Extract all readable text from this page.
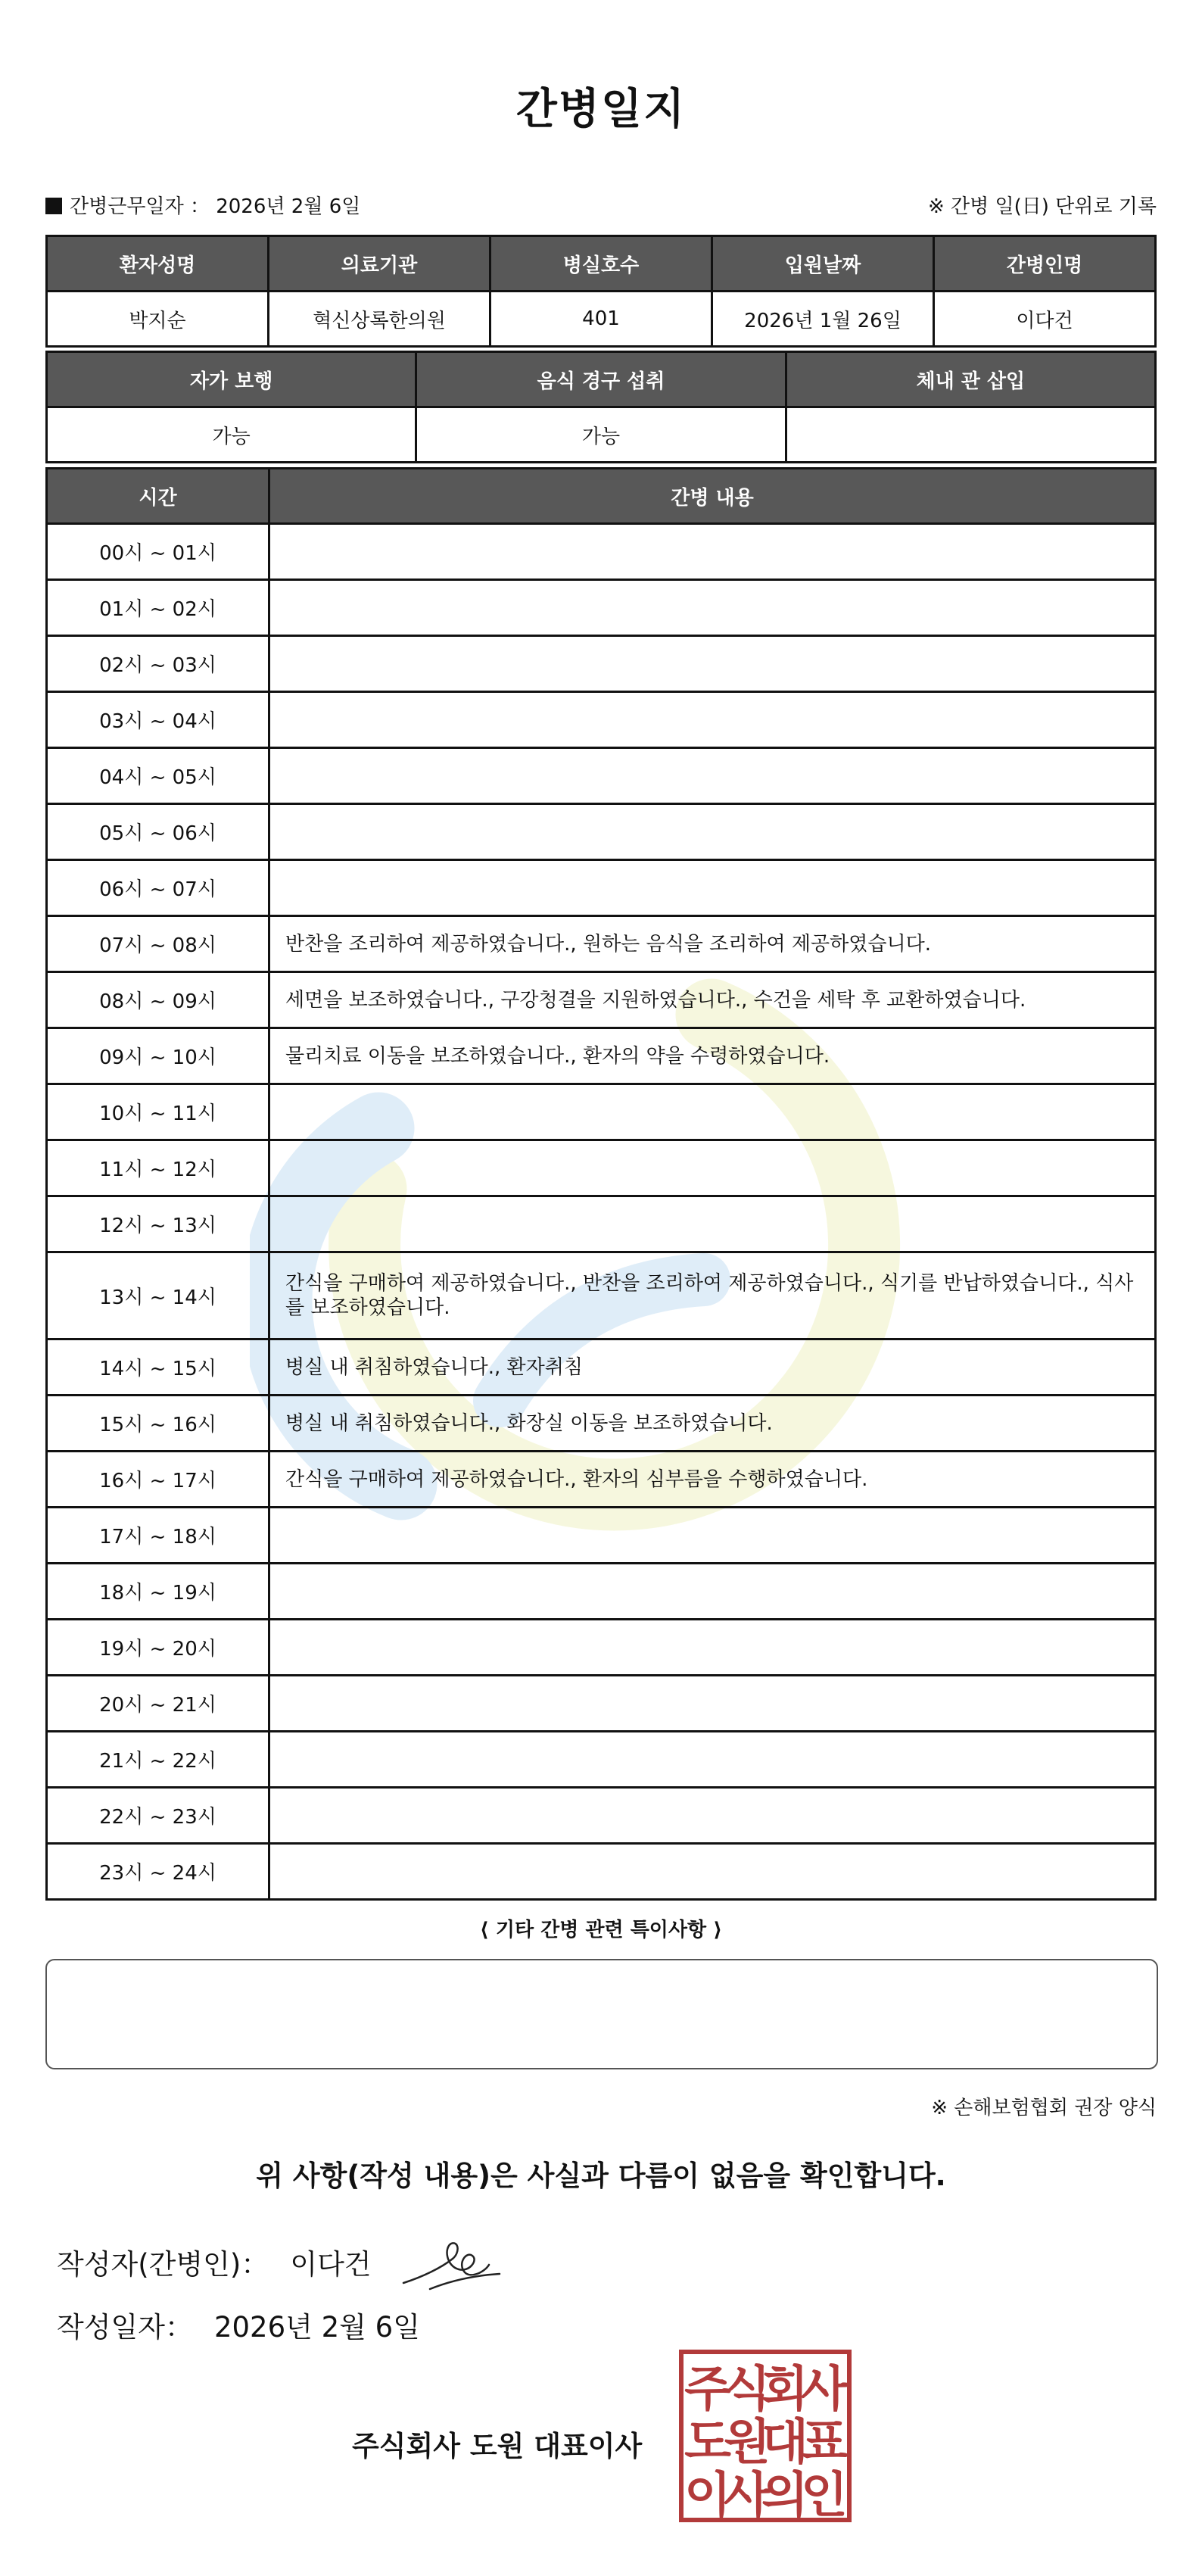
간병일지
간병근무일자 ： 2026년 2월 6일	※ 간병 일(日) 단위로 기록
환자성명	의료기관	병실호수	입원날짜	간병인명
박지순	혁신상록한의원	401	2026년 1월 26일	이다건
자가 보행	음식 경구 섭취	체내 관 삽입
가능	가능	
시간	간병 내용
00시 ~ 01시	
01시 ~ 02시	
02시 ~ 03시	
03시 ~ 04시	
04시 ~ 05시	
05시 ~ 06시	
06시 ~ 07시	
07시 ~ 08시	반찬을 조리하여 제공하였습니다., 원하는 음식을 조리하여 제공하였습니다.
08시 ~ 09시	세면을 보조하였습니다., 구강청결을 지원하였습니다., 수건을 세탁 후 교환하였습니다.
09시 ~ 10시	물리치료 이동을 보조하였습니다., 환자의 약을 수령하였습니다.
10시 ~ 11시	
11시 ~ 12시	
12시 ~ 13시	
13시 ~ 14시	간식을 구매하여 제공하였습니다., 반찬을 조리하여 제공하였습니다., 식기를 반납하였습니다., 식사를 보조하였습니다.
14시 ~ 15시	병실 내 취침하였습니다., 환자취침
15시 ~ 16시	병실 내 취침하였습니다., 화장실 이동을 보조하였습니다.
16시 ~ 17시	간식을 구매하여 제공하였습니다., 환자의 심부름을 수행하였습니다.
17시 ~ 18시	
18시 ~ 19시	
19시 ~ 20시	
20시 ~ 21시	
21시 ~ 22시	
22시 ~ 23시	
23시 ~ 24시	
⟨ 기타 간병 관련 특이사항 ⟩
※ 손해보험협회 권장 양식
위 사항(작성 내용)은 사실과 다름이 없음을 확인합니다.
작성자(간병인)： 이다건
작성일자： 2026년 2월 6일
주식회사 도원 대표이사
주
식
회
사
도
원
대
표
이
사
의
인
